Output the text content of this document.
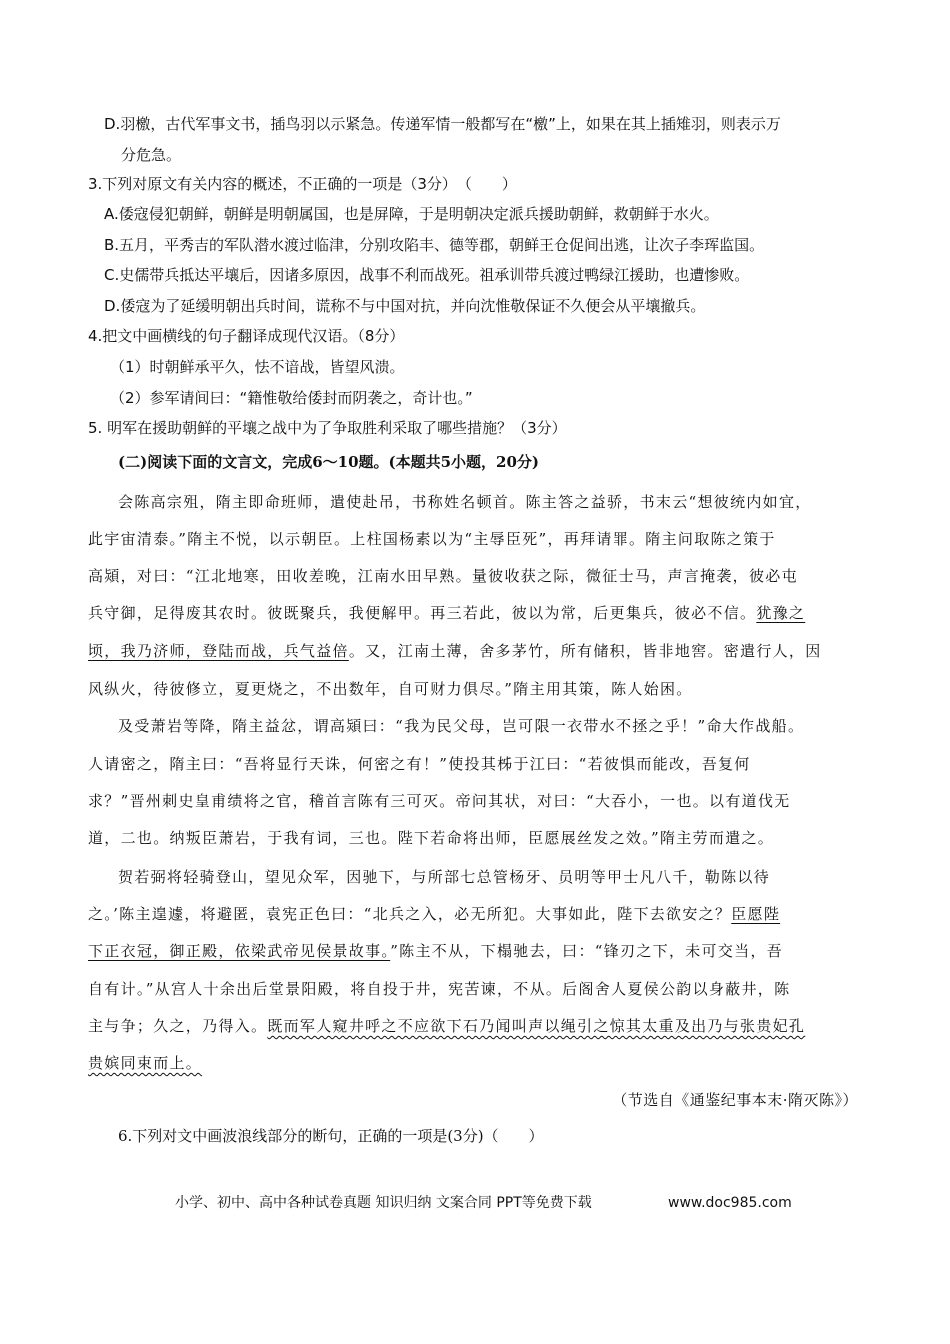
D.羽檄，古代军事文书，插鸟羽以示紧急。传递军情一般都写在“檄”上，如果在其上插雉羽，则表示万
分危急。
3.下列对原文有关内容的概述，不正确的一项是（3分）　（　　）
A.倭寇侵犯朝鲜，朝鲜是明朝属国，也是屏障，于是明朝决定派兵援助朝鲜，救朝鲜于水火。
B.五月，平秀吉的军队潜水渡过临津，分别攻陷丰、德等郡，朝鲜王仓促间出逃，让次子李珲监国。
C.史儒带兵抵达平壤后，因诸多原因，战事不利而战死。祖承训带兵渡过鸭绿江援助，也遭惨败。
D.倭寇为了延缓明朝出兵时间，谎称不与中国对抗，并向沈惟敬保证不久便会从平壤撤兵。
4.把文中画横线的句子翻译成现代汉语。（8分）
（1）时朝鲜承平久，怯不谙战，皆望风溃。
（2）参军请间曰：“籍惟敬给倭封而阴袭之，奇计也。”
5. 明军在援助朝鲜的平壤之战中为了争取胜利采取了哪些措施？（3分）
(二)阅读下面的文言文，完成6～10题。(本题共5小题，20分)
会陈高宗殂，隋主即命班师，遣使赴吊，书称姓名顿首。陈主答之益骄，书末云“想彼统内如宜，
此宇宙清泰。”隋主不悦，以示朝臣。上柱国杨素以为“主辱臣死”，再拜请罪。隋主问取陈之策于
高熲，对曰：“江北地寒，田收差晚，江南水田早熟。量彼收获之际，微征士马，声言掩袭，彼必屯
兵守御，足得废其农时。彼既聚兵，我便解甲。再三若此，彼以为常，后更集兵，彼必不信。犹豫之
顷，我乃济师，登陆而战，兵气益倍。又，江南土薄，舍多茅竹，所有储积，皆非地窖。密遣行人，因
风纵火，待彼修立，夏更烧之，不出数年，自可财力俱尽。”隋主用其策，陈人始困。
及受萧岩等降，隋主益忿，谓高熲曰：“我为民父母，岂可限一衣带水不拯之乎！”命大作战船。
人请密之，隋主曰：“吾将显行天诛，何密之有！”使投其柹于江曰：“若彼惧而能改，吾复何
求？”晋州刺史皇甫绩将之官，稽首言陈有三可灭。帝问其状，对曰：“大吞小，一也。以有道伐无
道，二也。纳叛臣萧岩，于我有词，三也。陛下若命将出师，臣愿展丝发之效。”隋主劳而遣之。
贺若弼将轻骑登山，望见众军，因驰下，与所部七总管杨牙、员明等甲士凡八千，勒陈以待
之。’陈主遑遽，将避匿，袁宪正色曰：“北兵之入，必无所犯。大事如此，陛下去欲安之？臣愿陛
下正衣冠，御正殿，依梁武帝见侯景故事。”陈主不从，下榻驰去，曰：“锋刃之下，未可交当，吾
自有计。”从宫人十余出后堂景阳殿，将自投于井，宪苦谏，不从。后阁舍人夏侯公韵以身蔽井，陈
主与争；久之，乃得入。既而军人窥井呼之不应欲下石乃闻叫声以绳引之惊其太重及出乃与张贵妃孔
贵嫔同束而上。
（节选自《通鉴纪事本末·隋灭陈》）
6.下列对文中画波浪线部分的断句，正确的一项是(3分)（　　）
小学、初中、高中各种试卷真题 知识归纳 文案合同 PPT等免费下载	www.doc985.com
